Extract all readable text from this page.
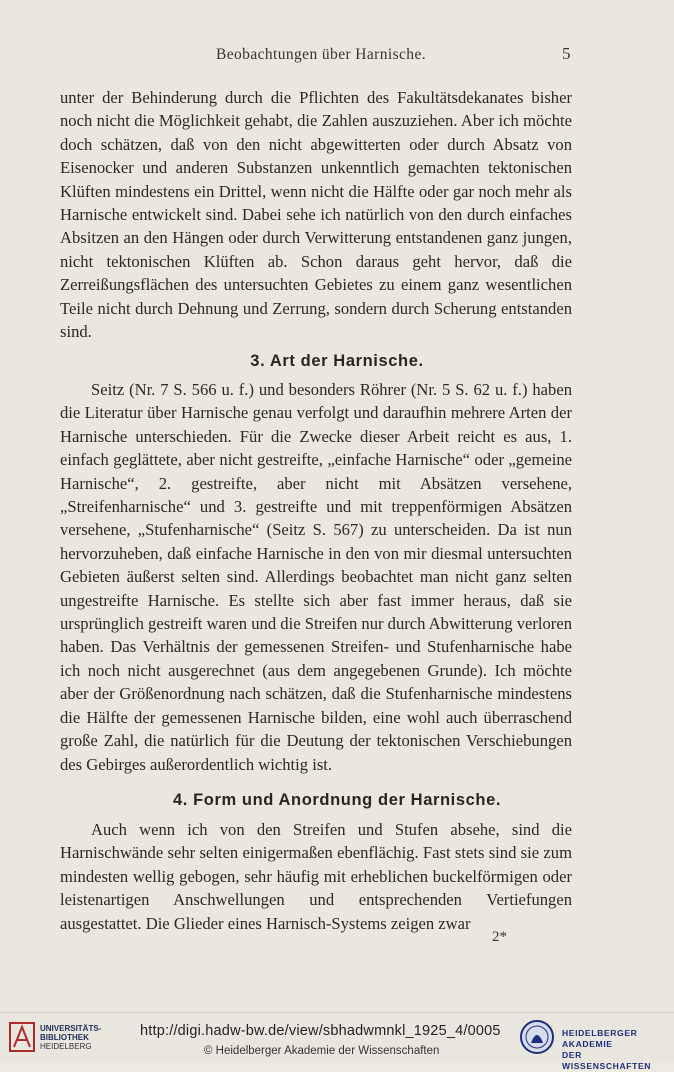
Beobachtungen über Harnische.	5

unter der Behinderung durch die Pflichten des Fakultätsdekanates bisher noch nicht die Möglichkeit gehabt, die Zahlen auszuziehen. Aber ich möchte doch schätzen, daß von den nicht abgewitterten oder durch Absatz von Eisenocker und anderen Substanzen unkenntlich gemachten tektonischen Klüften mindestens ein Drittel, wenn nicht die Hälfte oder gar noch mehr als Harnische entwickelt sind. Dabei sehe ich natürlich von den durch einfaches Absitzen an den Hängen oder durch Verwitterung entstandenen ganz jungen, nicht tektonischen Klüften ab. Schon daraus geht hervor, daß die Zerreißungsflächen des untersuchten Gebietes zu einem ganz wesentlichen Teile nicht durch Dehnung und Zerrung, sondern durch Scherung entstanden sind.

3. Art der Harnische.

Seitz (Nr. 7 S. 566 u. f.) und besonders Röhrer (Nr. 5 S. 62 u. f.) haben die Literatur über Harnische genau verfolgt und daraufhin mehrere Arten der Harnische unterschieden. Für die Zwecke dieser Arbeit reicht es aus, 1. einfach geglättete, aber nicht gestreifte, „einfache Harnische“ oder „gemeine Harnische“, 2. gestreifte, aber nicht mit Absätzen versehene, „Streifenharnische“ und 3. gestreifte und mit treppenförmigen Absätzen versehene, „Stufenharnische“ (Seitz S. 567) zu unterscheiden. Da ist nun hervorzuheben, daß einfache Harnische in den von mir diesmal untersuchten Gebieten äußerst selten sind. Allerdings beobachtet man nicht ganz selten ungestreifte Harnische. Es stellte sich aber fast immer heraus, daß sie ursprünglich gestreift waren und die Streifen nur durch Abwitterung verloren haben. Das Verhältnis der gemessenen Streifen- und Stufenharnische habe ich noch nicht ausgerechnet (aus dem angegebenen Grunde). Ich möchte aber der Größenordnung nach schätzen, daß die Stufenharnische mindestens die Hälfte der gemessenen Harnische bilden, eine wohl auch überraschend große Zahl, die natürlich für die Deutung der tektonischen Verschiebungen des Gebirges außerordentlich wichtig ist.

4. Form und Anordnung der Harnische.

Auch wenn ich von den Streifen und Stufen absehe, sind die Harnischwände sehr selten einigermaßen ebenflächig. Fast stets sind sie zum mindesten wellig gebogen, sehr häufig mit erheblichen buckelförmigen oder leistenartigen Anschwellungen und entsprechenden Vertiefungen ausgestattet. Die Glieder eines Harnisch-Systems zeigen zwar

2*
UNIVERSITÄTS-
BIBLIOTHEK
HEIDELBERG
http://digi.hadw-bw.de/view/sbhadwmnkl_1925_4/0005
© Heidelberger Akademie der Wissenschaften
HEIDELBERGER AKADEMIE
DER WISSENSCHAFTEN
